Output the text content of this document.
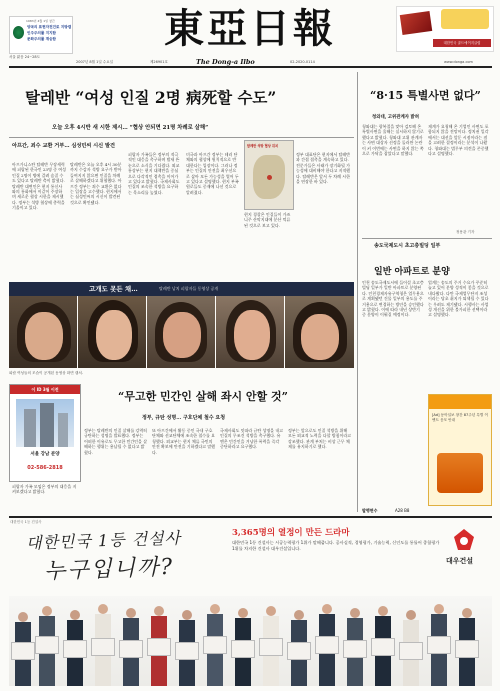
1983년 4월 1일 창간
양곡의 표현자전건로 지방캠
인주주의를 지지함
문화주의를 계승함	東亞日報	대한민국 골드에이지클럽
서울 맑음 24~28도
2007년 8월 1일 수요일	제26901호	The Dong-a Ilbo	02-2020-0114	www.donga.com
탈레반 “여성 인질 2명 病死할 수도”
오늘 오후 4시반 새 시한 제시… “협상 안되면 21명 차례로 살해”
아프간, 죄수 교환 거부… 심성민씨 시신 발견
아프가니스탄 탈레반 무장세력에 피랍된 한국인 23명 중 여성 인질 2명이 병에 걸려 숨질 수도 있다고 탈레반 측이 밝혔다. 탈레반 대변인은 현지 통신사와의 통화에서 이같이 주장하며 새로운 협상 시한을 제시했다. 정부는 석방 협상에 총력을 기울이고 있다.
탈레반은 오늘 오후 4시 30분까지 수감자 석방 요구가 받아들여지지 않으면 인질을 차례로 살해하겠다고 위협했다. 아프간 정부는 죄수 교환은 없다는 입장을 고수했다. 현지에서는 심성민씨의 시신이 발견된 것으로 확인됐다.
피랍자 가족들은 정부의 적극적인 대응을 촉구하며 밤새 뜬눈으로 소식을 기다렸다. 외교통상부는 현지 대책반을 중심으로 다각적인 접촉을 이어가고 있다고 밝혔다. 국제사회도 인질의 조속한 석방을 요구하는 목소리를 높였다.
미국과 아프간 정부는 테러 단체와의 협상에 원칙적으로 반대한다는 입장이다. 그러나 정부는 인질의 안전을 최우선으로 삼아 모든 가능성을 열어 두고 있다고 설명했다. 현지 부족 원로들도 중재에 나선 것으로 알려졌다.
탈레반 석방 협상 위치
현지 경찰은 인질들이 가즈니주 산악지대에 분산 억류된 것으로 보고 있다.
정부 대표단은 현지에서 탈레반과 간접 접촉을 계속하고 있다. 전문가들은 사태가 장기화될 가능성에 대비해야 한다고 지적했다. 탈레반은 앞서 두 차례 시한을 연장한 바 있다.
고개도 못든 채…	탈레반 납치 피랍자들 동영상 공개
피랍 여성들의 모습이 공개된 동영상 화면 캡처.
이 ID 3월 이전
서울 강남 분양
02-586-2818
“무고한 민간인 살해 좌시 안할 것”
정부, 규탄 성명… 구호단체 철수 요청
정부는 탈레반의 인질 살해를 강력히 규탄하는 성명을 발표했다. 정부는 어떠한 이유로도 무고한 민간인을 살해하는 행위는 용납될 수 없다고 밝혔다.
또 아프간에서 활동 중인 국내 구호단체와 선교단체에 조속한 철수를 요청했다. 외교부는 현지 체류 국민의 안전 확보에 만전을 기하겠다고 말했다.
국제사회도 잇따라 규탄 성명을 내고 인질의 무조건 석방을 촉구했다. 유엔은 민간인을 겨냥한 폭력을 즉각 중단하라고 요구했다.
정부는 앞으로도 인질 석방을 위해 모든 외교적 노력을 다할 방침이라고 강조했다. 관계 부처는 비상 근무 체제를 유지하기로 했다.
피랍자 가족 모임은 정부의 대응을 지켜보겠다고 밝혔다.
“8·15 특별사면 없다”
청와대, 고위관계자 밝혀
청와대는 광복절을 맞아 검토해 온 특별사면을 올해는 실시하지 않기로 했다고 밝혔다. 청와대 고위 관계자는 사면 대상자 선정을 둘러싼 논란이 커 이번에는 사면을 하지 않는 쪽으로 가닥을 잡았다고 말했다.
재계가 요청해 온 기업인 사면도 포함되지 않을 전망이다. 정치권 일각에서는 대선을 앞둔 시점이라는 점을 고려한 결정이라는 분석이 나왔다. 청와대는 법무부 의견을 존중했다고 설명했다.
정용관 기자
송도국제도시 초고층빌딩 일부
일반 아파트로 분양
인천 송도국제도시에 들어설 초고층 빌딩 일부가 일반 아파트로 분양된다. 인천경제자유구역청은 업무용으로 계획됐던 건물 일부의 용도를 주거용으로 변경하는 방안을 승인했다고 밝혔다. 이에 따라 내년 상반기 중 분양이 이뤄질 예정이다.
업계는 송도의 주거 수요가 꾸준히 늘고 있어 분양 성적이 좋을 것으로 내다봤다. 다만 국제업무단지 조성이라는 당초 취지가 퇴색될 수 있다는 우려도 제기됐다. 시행사는 사업성 개선을 위한 불가피한 선택이라고 설명했다.
[Ad] 동아일보 창간 87주년 특별 이벤트 응모 안내
발행면수	A28 B8
대한민국 1등 건설사
대한민국 1등 건설사
누구입니까?
3,365명의 열정이 만든 드라마
대한민국 1등 건설사는 시공능력평가 1위가 말해줍니다. 공사실적, 경영평가, 기술능력, 신인도를 통틀어 종합평가 1위를 차지한 건설사 대우건설입니다.
대우건설
